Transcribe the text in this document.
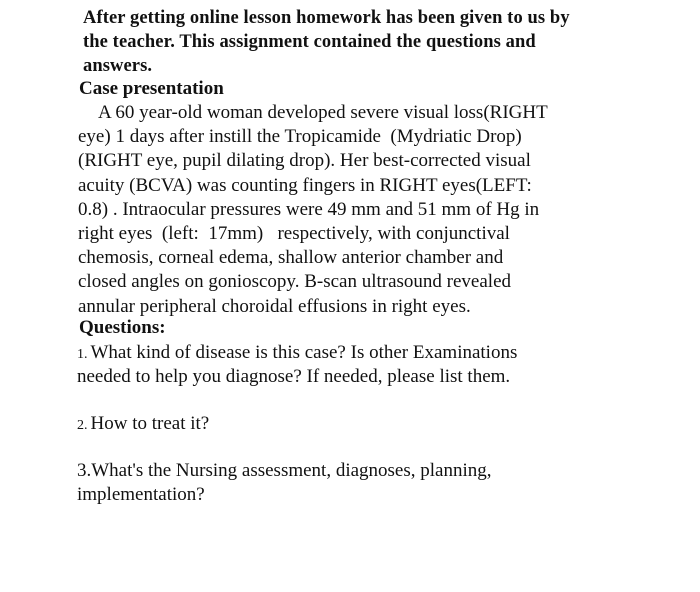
After getting online lesson homework has been given to us by
the teacher. This assignment contained the questions and
answers.
Case presentation
A 60 year-old woman developed severe visual loss(RIGHT
eye) 1 days after instill the Tropicamide  (Mydriatic Drop)
(RIGHT eye, pupil dilating drop). Her best-corrected visual
acuity (BCVA) was counting fingers in RIGHT eyes(LEFT:
0.8) . Intraocular pressures were 49 mm and 51 mm of Hg in
right eyes  (left:  17mm)   respectively, with conjunctival
chemosis, corneal edema, shallow anterior chamber and
closed angles on gonioscopy. B-scan ultrasound revealed
annular peripheral choroidal effusions in right eyes.
Questions:
1. What kind of disease is this case? Is other Examinations
needed to help you diagnose? If needed, please list them.
2. How to treat it?
3.What's the Nursing assessment, diagnoses, planning,
implementation?
